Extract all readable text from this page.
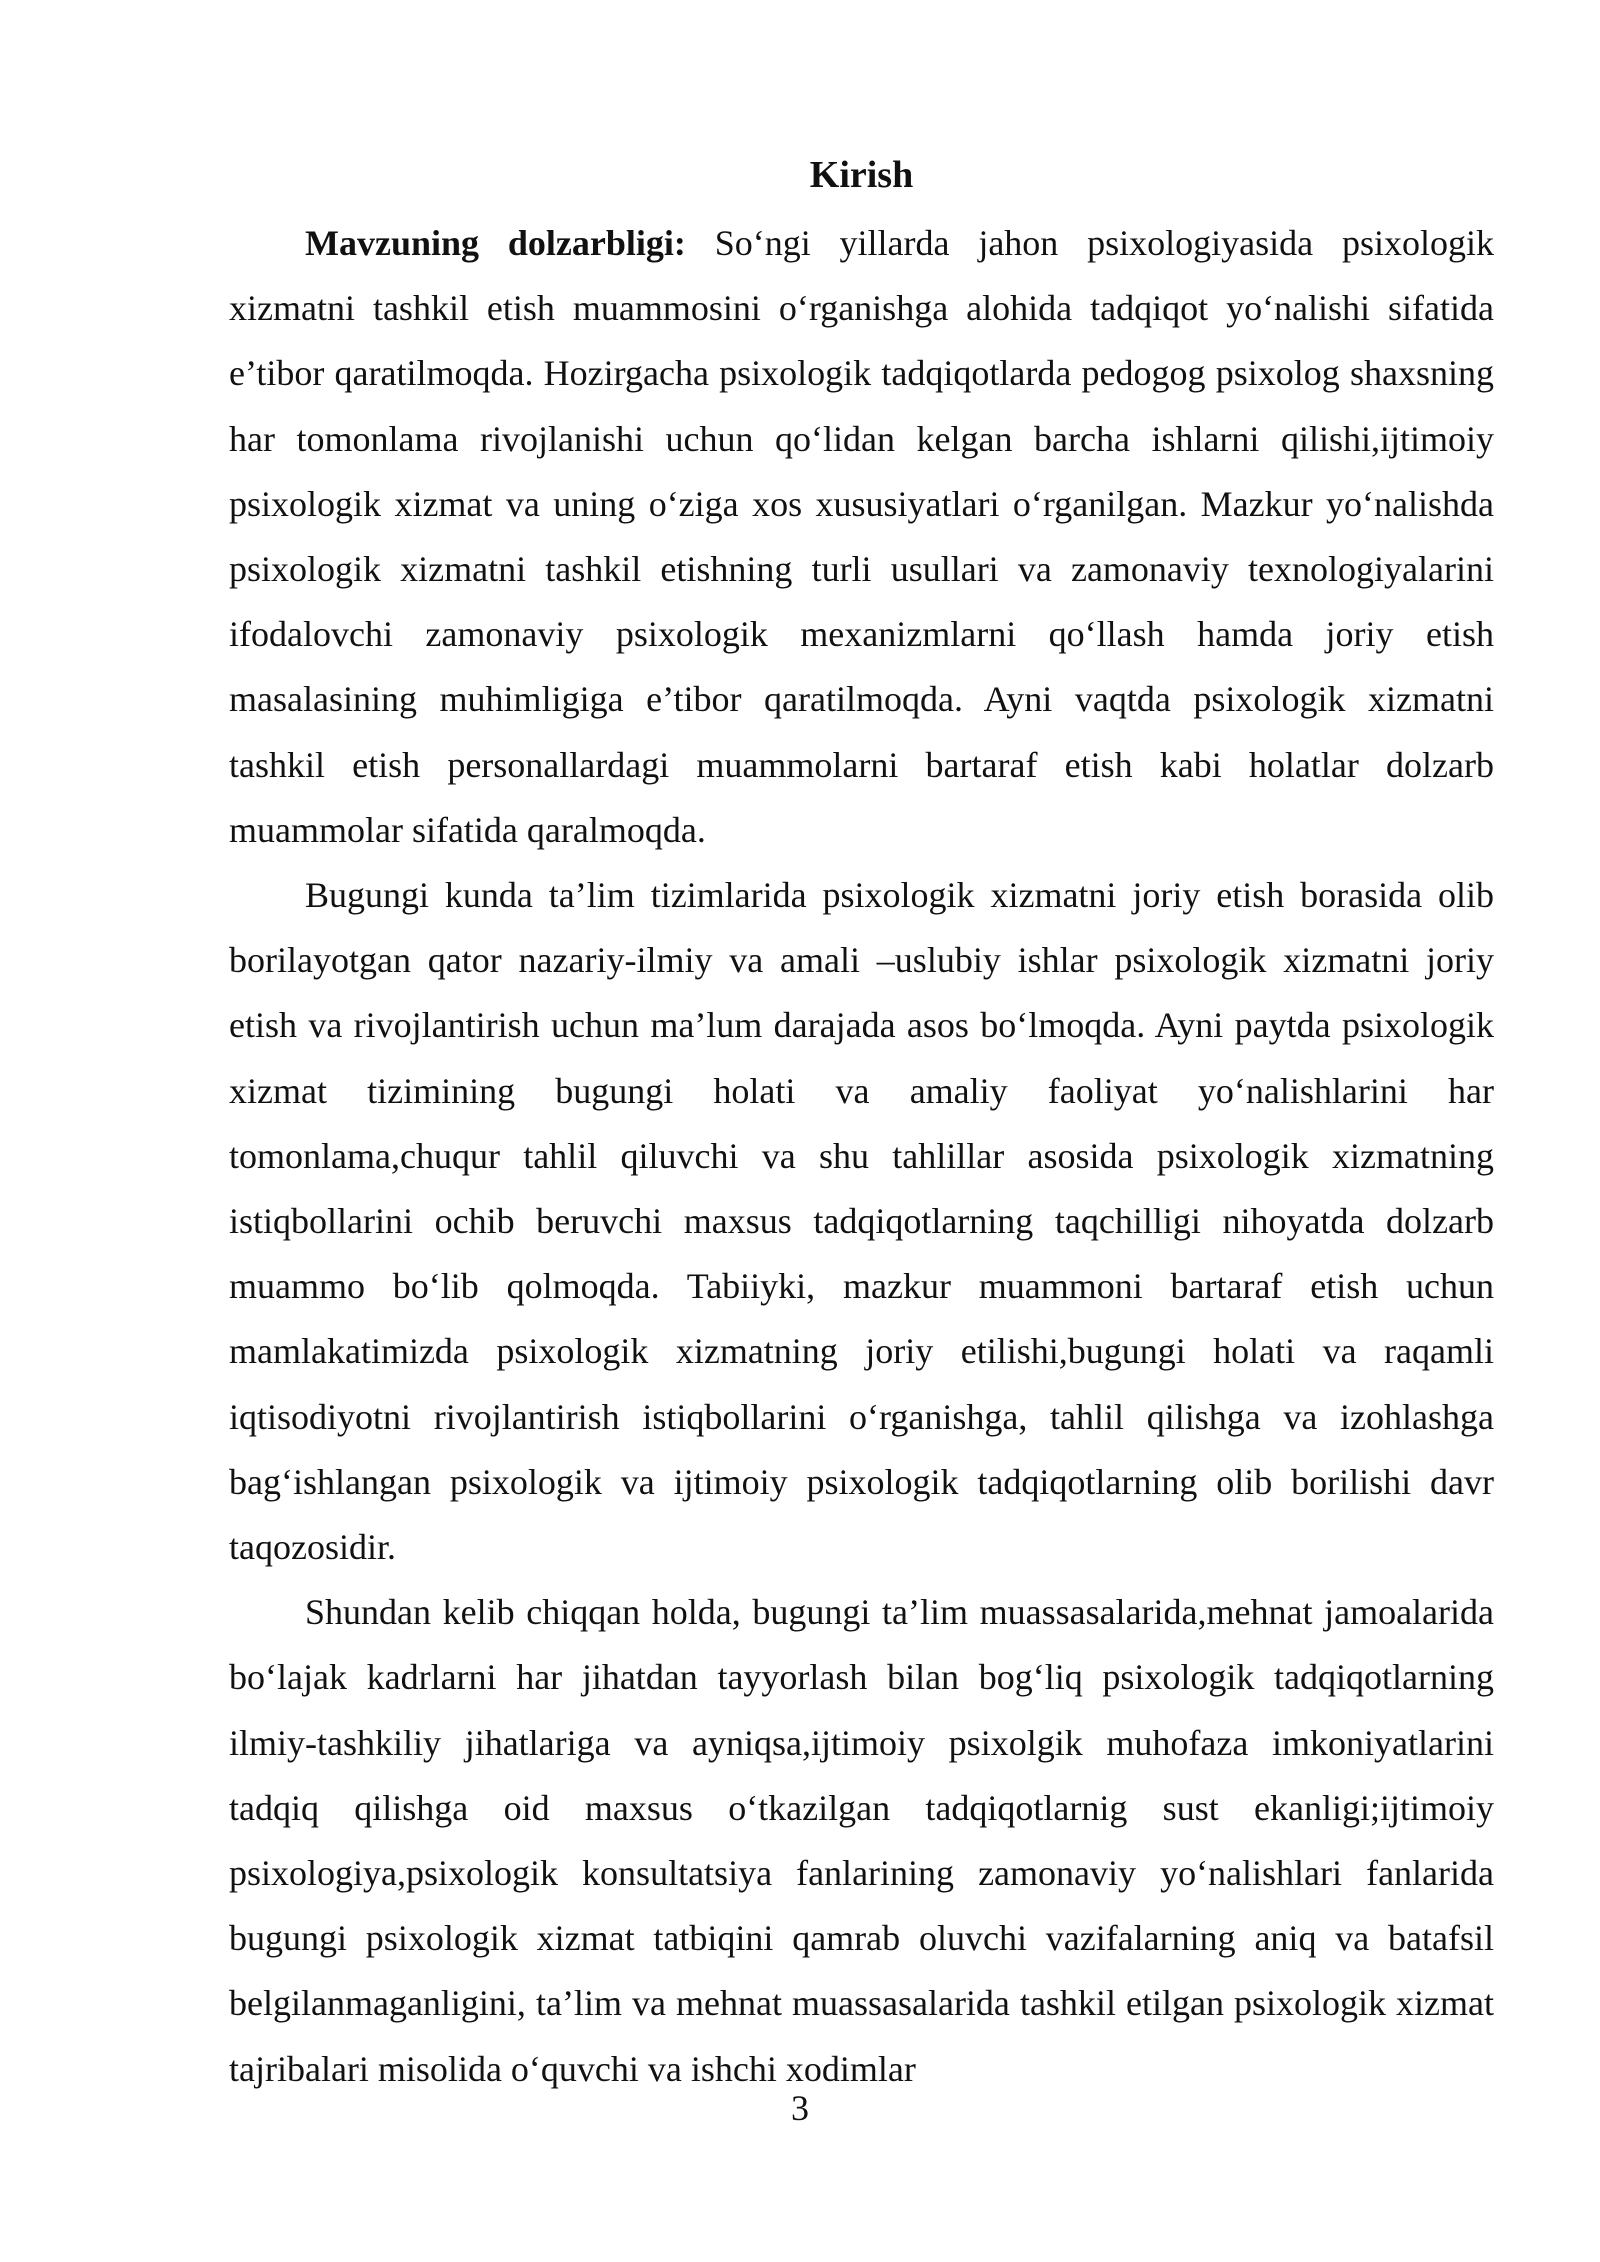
Kirish

Mavzuning dolzarbligi: So‘ngi yillarda jahon psixologiyasida psixologik xizmatni tashkil etish muammosini o‘rganishga alohida tadqiqot yo‘nalishi sifatida e’tibor qaratilmoqda. Hozirgacha psixologik tadqiqotlarda pedogog psixolog shaxsning har tomonlama rivojlanishi uchun qo‘lidan kelgan barcha ishlarni qilishi,ijtimoiy psixologik xizmat va uning o‘ziga xos xususiyatlari o‘rganilgan. Mazkur yo‘nalishda psixologik xizmatni tashkil etishning turli usullari va zamonaviy texnologiyalarini ifodalovchi zamonaviy psixologik mexanizmlarni qo‘llash hamda joriy etish masalasining muhimligiga e’tibor qaratilmoqda. Ayni vaqtda psixologik xizmatni tashkil etish personallardagi muammolarni bartaraf etish kabi holatlar dolzarb muammolar sifatida qaralmoqda.

Bugungi kunda ta’lim tizimlarida psixologik xizmatni joriy etish borasida olib borilayotgan qator nazariy-ilmiy va amali –uslubiy ishlar psixologik xizmatni joriy etish va rivojlantirish uchun ma’lum darajada asos bo‘lmoqda. Ayni paytda psixologik xizmat tizimining bugungi holati va amaliy faoliyat yo‘nalishlarini har tomonlama,chuqur tahlil qiluvchi va shu tahlillar asosida psixologik xizmatning istiqbollarini ochib beruvchi maxsus tadqiqotlarning taqchilligi nihoyatda dolzarb muammo bo‘lib qolmoqda. Tabiiyki, mazkur muammoni bartaraf etish uchun mamlakatimizda psixologik xizmatning joriy etilishi,bugungi holati va raqamli iqtisodiyotni rivojlantirish istiqbollarini o‘rganishga, tahlil qilishga va izohlashga bag‘ishlangan psixologik va ijtimoiy psixologik tadqiqotlarning olib borilishi davr taqozosidir.

Shundan kelib chiqqan holda, bugungi ta’lim muassasalarida,mehnat jamoalarida bo‘lajak kadrlarni har jihatdan tayyorlash bilan bog‘liq psixologik tadqiqotlarning ilmiy-tashkiliy jihatlariga va ayniqsa,ijtimoiy psixolgik muhofaza imkoniyatlarini tadqiq qilishga oid maxsus o‘tkazilgan tadqiqotlarnig sust ekanligi;ijtimoiy psixologiya,psixologik konsultatsiya fanlarining zamonaviy yo‘nalishlari fanlarida bugungi psixologik xizmat tatbiqini qamrab oluvchi vazifalarning aniq va batafsil belgilanmaganligini, ta’lim va mehnat muassasalarida tashkil etilgan psixologik xizmat tajribalari misolida o‘quvchi va ishchi xodimlar

3
